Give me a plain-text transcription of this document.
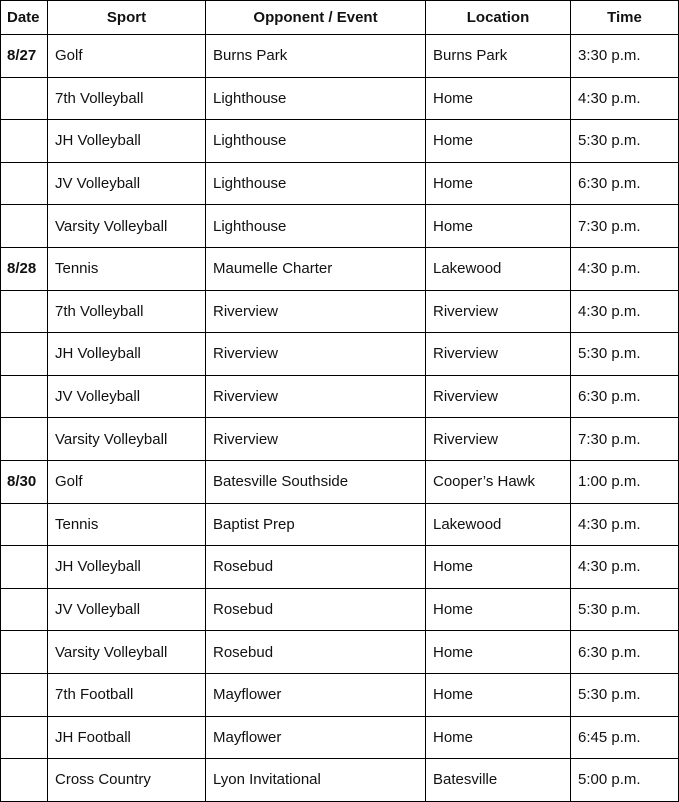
Date	Sport	Opponent / Event	Location	Time
8/27	Golf	Burns Park	Burns Park	3:30 p.m.
	7th Volleyball	Lighthouse	Home	4:30 p.m.
	JH Volleyball	Lighthouse	Home	5:30 p.m.
	JV Volleyball	Lighthouse	Home	6:30 p.m.
	Varsity Volleyball	Lighthouse	Home	7:30 p.m.
8/28	Tennis	Maumelle Charter	Lakewood	4:30 p.m.
	7th Volleyball	Riverview	Riverview	4:30 p.m.
	JH Volleyball	Riverview	Riverview	5:30 p.m.
	JV Volleyball	Riverview	Riverview	6:30 p.m.
	Varsity Volleyball	Riverview	Riverview	7:30 p.m.
8/30	Golf	Batesville Southside	Cooper’s Hawk	1:00 p.m.
	Tennis	Baptist Prep	Lakewood	4:30 p.m.
	JH Volleyball	Rosebud	Home	4:30 p.m.
	JV Volleyball	Rosebud	Home	5:30 p.m.
	Varsity Volleyball	Rosebud	Home	6:30 p.m.
	7th Football	Mayflower	Home	5:30 p.m.
	JH Football	Mayflower	Home	6:45 p.m.
	Cross Country	Lyon Invitational	Batesville	5:00 p.m.
